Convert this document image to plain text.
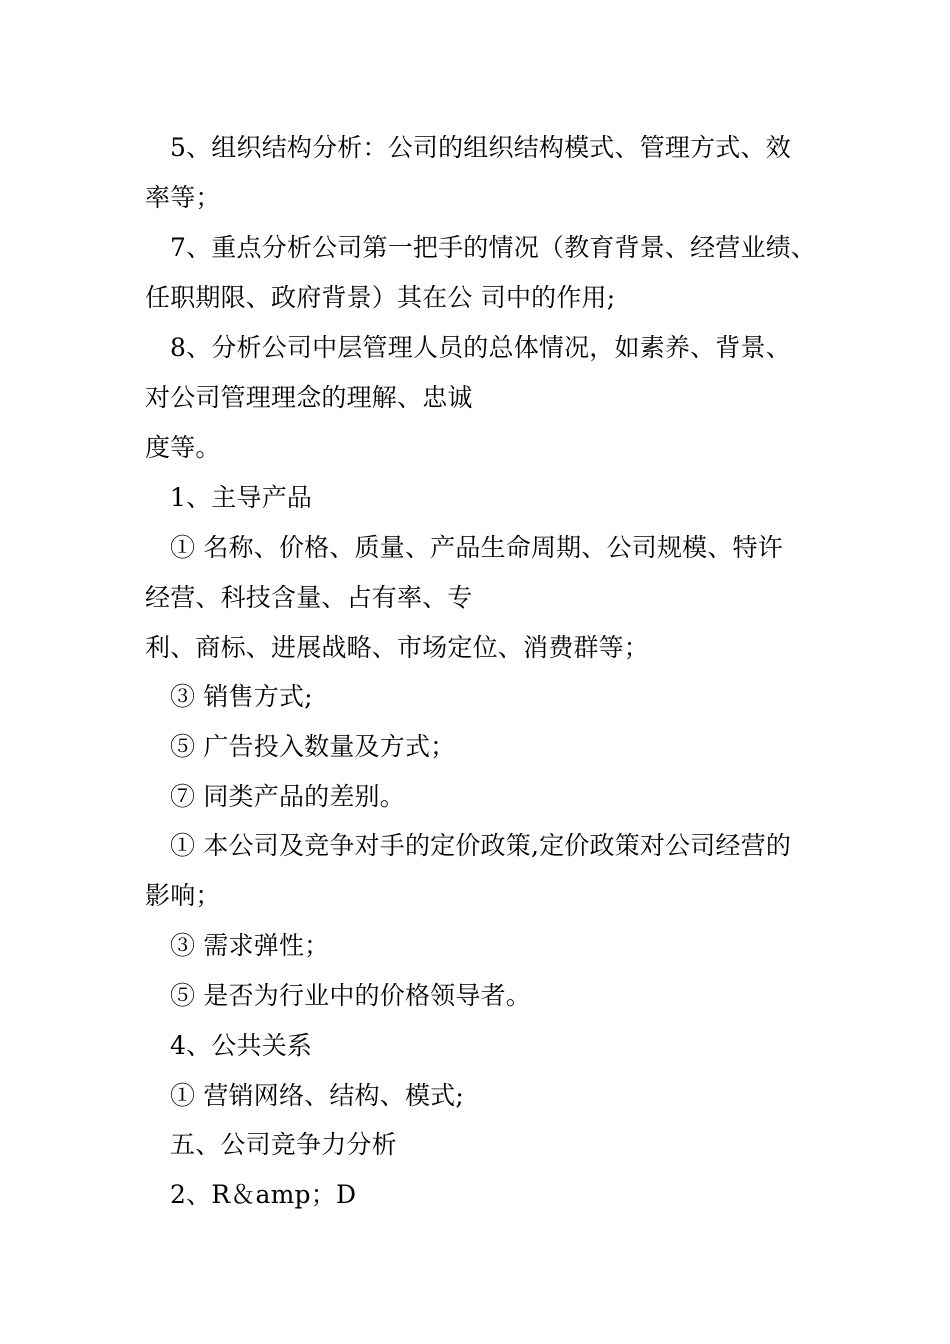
5、组织结构分析：公司的组织结构模式、管理方式、效
率等；
7、重点分析公司第一把手的情况（教育背景、经营业绩、
任职期限、政府背景）其在公 司中的作用;
8、分析公司中层管理人员的总体情况，如素养、背景、
对公司管理理念的理解、忠诚
度等。
1、主导产品
① 名称、价格、质量、产品生命周期、公司规模、特许
经营、科技含量、占有率、专
利、商标、进展战略、市场定位、消费群等；
③ 销售方式;
⑤ 广告投入数量及方式；
⑦ 同类产品的差别。
① 本公司及竞争对手的定价政策,定价政策对公司经营的
影响；
③ 需求弹性；
⑤ 是否为行业中的价格领导者。
4、公共关系
① 营销网络、结构、模式;
五、公司竞争力分析
2、R＆amp；D
